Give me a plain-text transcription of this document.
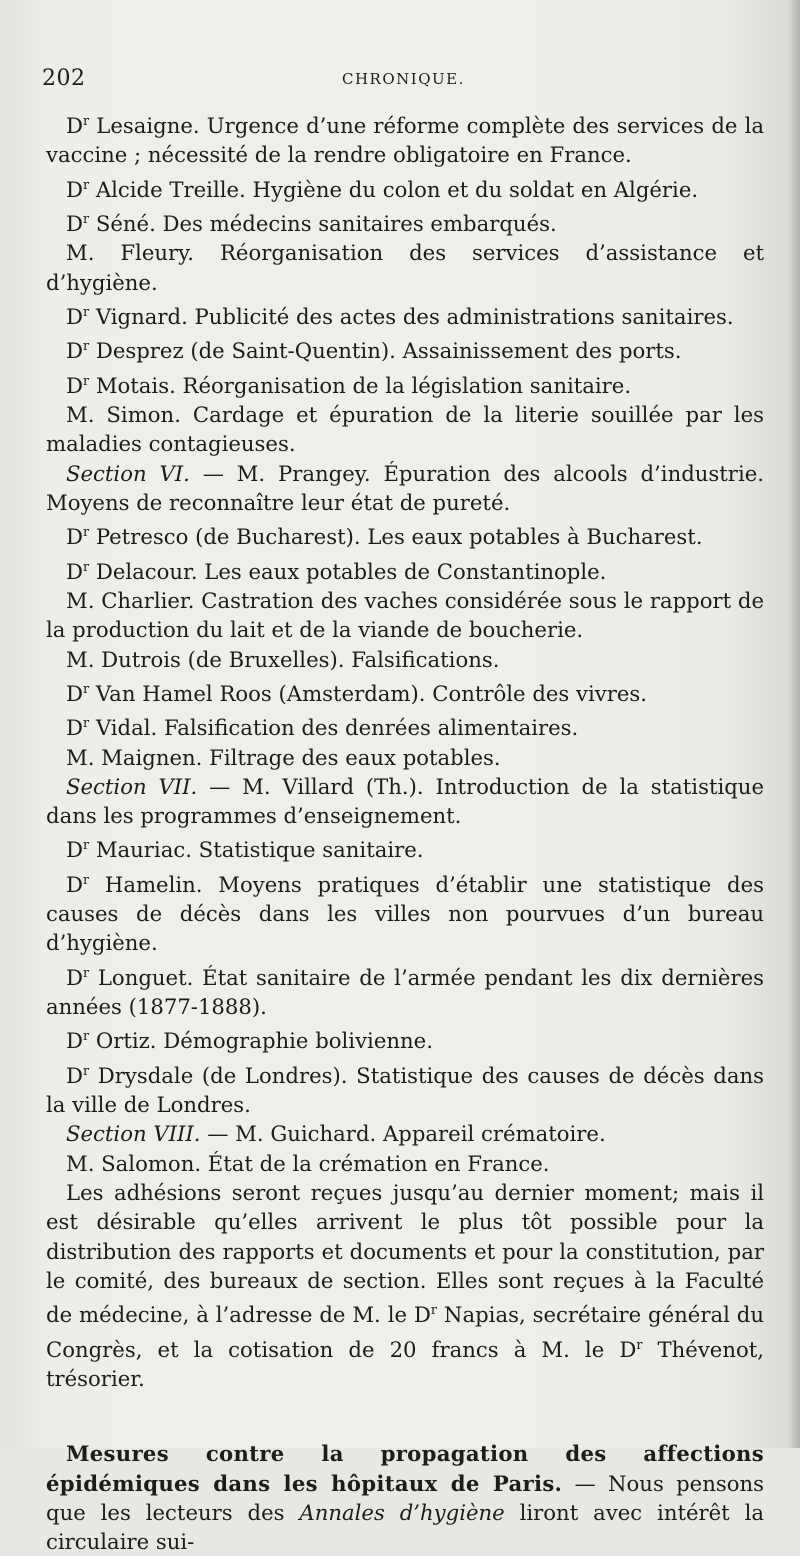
202	CHRONIQUE.

$D^r$ Lesaigne. Urgence d’une réforme complète des services de la vaccine ; nécessité de la rendre obligatoire en France.

$D^r$ Alcide Treille. Hygiène du colon et du soldat en Algérie.

$D^r$ Séné. Des médecins sanitaires embarqués.

M. Fleury. Réorganisation des services d’assistance et d’hygiène.

$D^r$ Vignard. Publicité des actes des administrations sanitaires.

$D^r$ Desprez (de Saint-Quentin). Assainissement des ports.

$D^r$ Motais. Réorganisation de la législation sanitaire.

M. Simon. Cardage et épuration de la literie souillée par les maladies contagieuses.

Section VI. — M. Prangey. Épuration des alcools d’industrie. Moyens de reconnaître leur état de pureté.

$D^r$ Petresco (de Bucharest). Les eaux potables à Bucharest.

$D^r$ Delacour. Les eaux potables de Constantinople.

M. Charlier. Castration des vaches considérée sous le rapport de la production du lait et de la viande de boucherie.

M. Dutrois (de Bruxelles). Falsifications.

$D^r$ Van Hamel Roos (Amsterdam). Contrôle des vivres.

$D^r$ Vidal. Falsification des denrées alimentaires.

M. Maignen. Filtrage des eaux potables.

Section VII. — M. Villard (Th.). Introduction de la statistique dans les programmes d’enseignement.

$D^r$ Mauriac. Statistique sanitaire.

$D^r$ Hamelin. Moyens pratiques d’établir une statistique des causes de décès dans les villes non pourvues d’un bureau d’hygiène.

$D^r$ Longuet. État sanitaire de l’armée pendant les dix dernières années (1877-1888).

$D^r$ Ortiz. Démographie bolivienne.

$D^r$ Drysdale (de Londres). Statistique des causes de décès dans la ville de Londres.

Section VIII. — M. Guichard. Appareil crématoire.

M. Salomon. État de la crémation en France.

Les adhésions seront reçues jusqu’au dernier moment; mais il est désirable qu’elles arrivent le plus tôt possible pour la distribution des rapports et documents et pour la constitution, par le comité, des bureaux de section. Elles sont reçues à la Faculté de médecine, à l’adresse de M. le $D^r$ Napias, secrétaire général du Congrès, et la cotisation de 20 francs à M. le $D^r$ Thévenot, trésorier.

Mesures contre la propagation des affections épidémiques dans les hôpitaux de Paris. — Nous pensons que les lecteurs des Annales d’hygiène liront avec intérêt la circulaire sui-
